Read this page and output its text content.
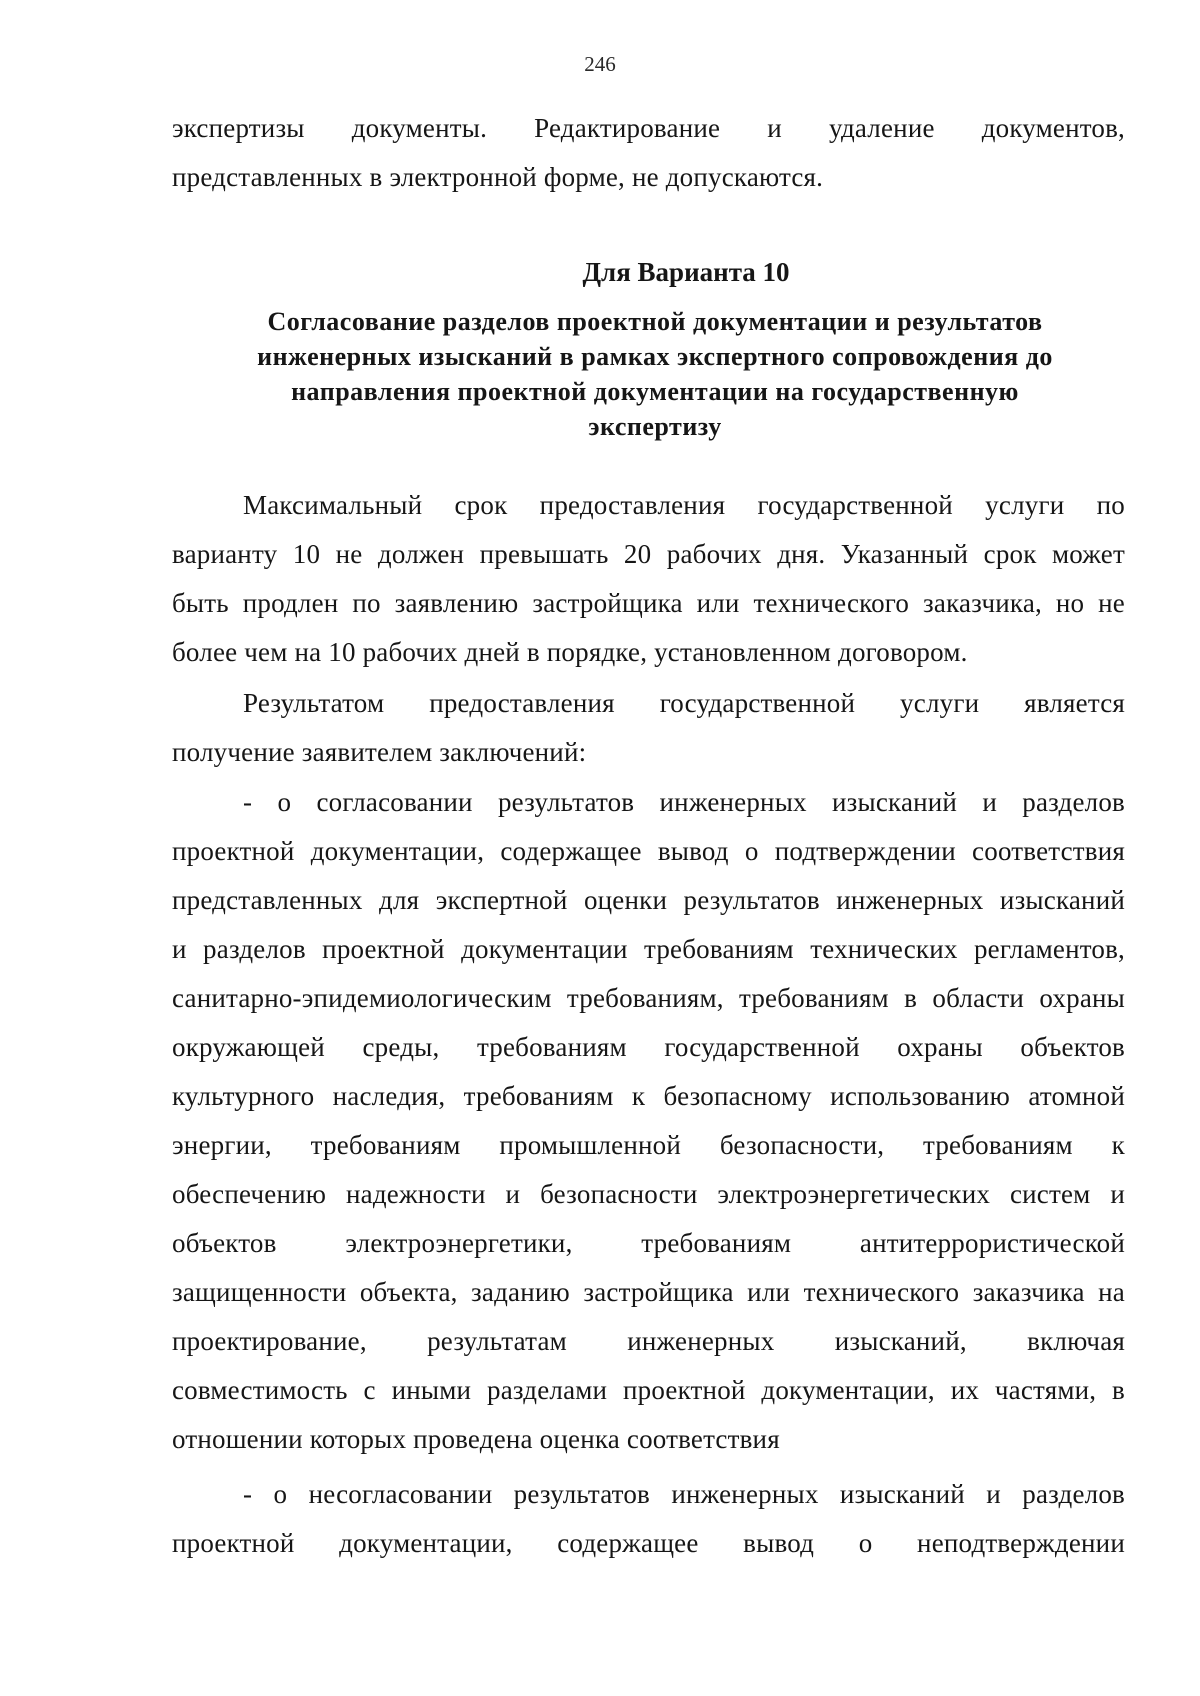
246
экспертизы документы. Редактирование и удаление документов,
представленных в электронной форме, не допускаются.
Для Варианта 10
Согласование разделов проектной документации и результатов инженерных изысканий в рамках экспертного сопровождения до направления проектной документации на государственную экспертизу
Максимальный срок предоставления государственной услуги по
варианту 10 не должен превышать 20 рабочих дня. Указанный срок может
быть продлен по заявлению застройщика или технического заказчика, но не
более чем на 10 рабочих дней в порядке, установленном договором.
Результатом предоставления государственной услуги является
получение заявителем заключений:
- о согласовании результатов инженерных изысканий и разделов
проектной документации, содержащее вывод о подтверждении соответствия
представленных для экспертной оценки результатов инженерных изысканий
и разделов проектной документации требованиям технических регламентов,
санитарно-эпидемиологическим требованиям, требованиям в области охраны
окружающей среды, требованиям государственной охраны объектов
культурного наследия, требованиям к безопасному использованию атомной
энергии, требованиям промышленной безопасности, требованиям к
обеспечению надежности и безопасности электроэнергетических систем и
объектов электроэнергетики, требованиям антитеррористической
защищенности объекта, заданию застройщика или технического заказчика на
проектирование, результатам инженерных изысканий, включая
совместимость с иными разделами проектной документации, их частями, в
отношении которых проведена оценка соответствия
- о несогласовании результатов инженерных изысканий и разделов
проектной документации, содержащее вывод о неподтверждении
